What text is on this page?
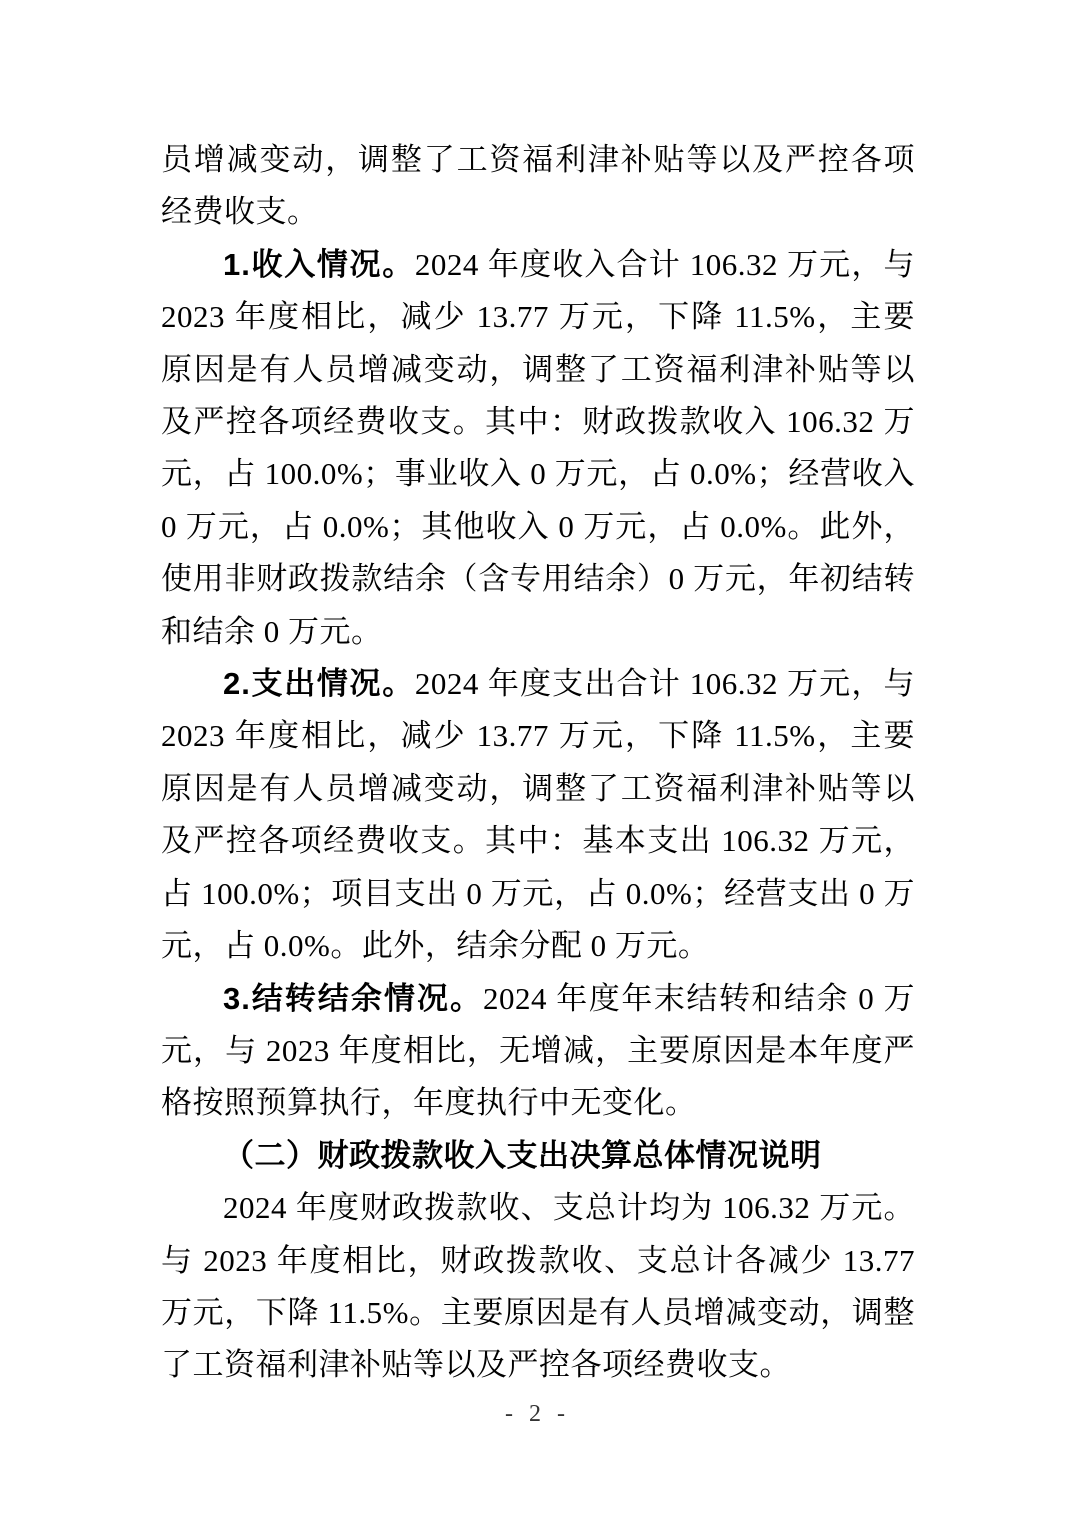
员增减变动，调整了工资福利津补贴等以及严控各项经费收支。

1.收入情况。2024 年度收入合计 106.32 万元，与 2023 年度相比，减少 13.77 万元，下降 11.5%，主要原因是有人员增减变动，调整了工资福利津补贴等以及严控各项经费收支。其中：财政拨款收入 106.32 万元，占 100.0%；事业收入 0 万元，占 0.0%；经营收入 0 万元，占 0.0%；其他收入 0 万元，占 0.0%。此外，使用非财政拨款结余（含专用结余）0 万元，年初结转和结余 0 万元。

2.支出情况。2024 年度支出合计 106.32 万元，与 2023 年度相比，减少 13.77 万元，下降 11.5%，主要原因是有人员增减变动，调整了工资福利津补贴等以及严控各项经费收支。其中：基本支出 106.32 万元，占 100.0%；项目支出 0 万元，占 0.0%；经营支出 0 万元，占 0.0%。此外，结余分配 0 万元。

3.结转结余情况。2024 年度年末结转和结余 0 万元，与 2023 年度相比，无增减，主要原因是本年度严格按照预算执行，年度执行中无变化。

（二）财政拨款收入支出决算总体情况说明

2024 年度财政拨款收、支总计均为 106.32 万元。与 2023 年度相比，财政拨款收、支总计各减少 13.77 万元，下降 11.5%。主要原因是有人员增减变动，调整了工资福利津补贴等以及严控各项经费收支。

- 2 -
